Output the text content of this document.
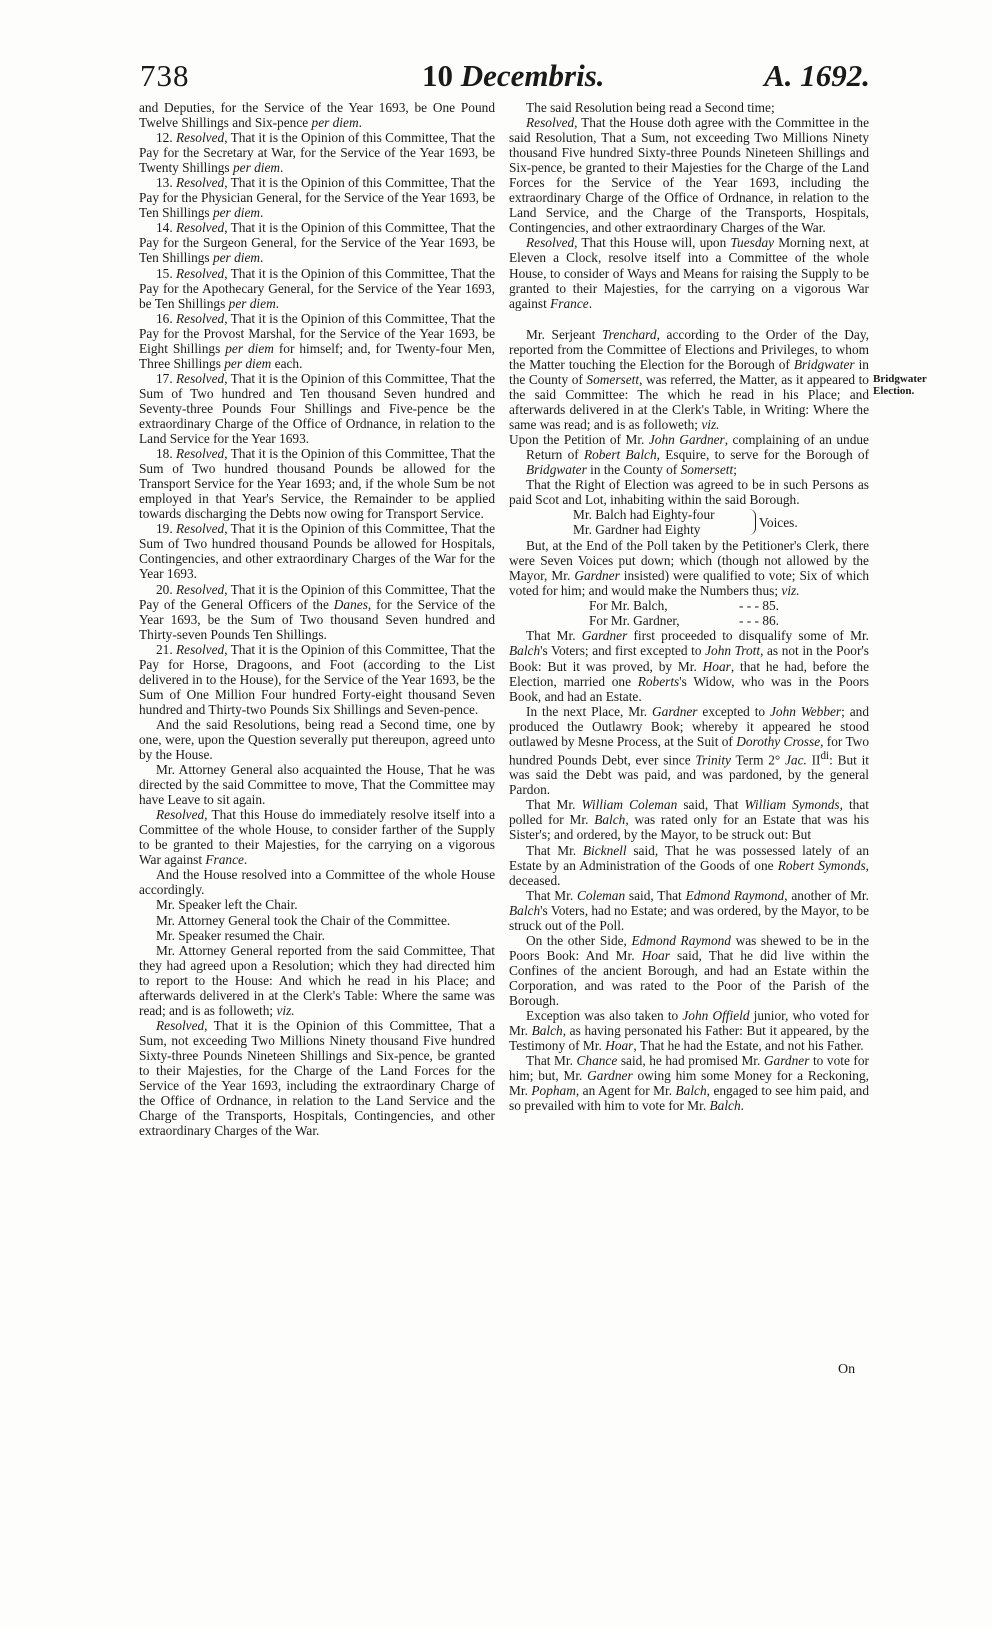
738	10 Decembris.	A. 1692.

and Deputies, for the Service of the Year 1693, be One Pound Twelve Shillings and Six-pence per diem.

12. Resolved, That it is the Opinion of this Committee, That the Pay for the Secretary at War, for the Service of the Year 1693, be Twenty Shillings per diem.

13. Resolved, That it is the Opinion of this Committee, That the Pay for the Physician General, for the Service of the Year 1693, be Ten Shillings per diem.

14. Resolved, That it is the Opinion of this Committee, That the Pay for the Surgeon General, for the Service of the Year 1693, be Ten Shillings per diem.

15. Resolved, That it is the Opinion of this Committee, That the Pay for the Apothecary General, for the Service of the Year 1693, be Ten Shillings per diem.

16. Resolved, That it is the Opinion of this Committee, That the Pay for the Provost Marshal, for the Service of the Year 1693, be Eight Shillings per diem for himself; and, for Twenty-four Men, Three Shillings per diem each.

17. Resolved, That it is the Opinion of this Committee, That the Sum of Two hundred and Ten thousand Seven hundred and Seventy-three Pounds Four Shillings and Five-pence be the extraordinary Charge of the Office of Ordnance, in relation to the Land Service for the Year 1693.

18. Resolved, That it is the Opinion of this Committee, That the Sum of Two hundred thousand Pounds be allowed for the Transport Service for the Year 1693; and, if the whole Sum be not employed in that Year's Service, the Remainder to be applied towards discharging the Debts now owing for Transport Service.

19. Resolved, That it is the Opinion of this Committee, That the Sum of Two hundred thousand Pounds be allowed for Hospitals, Contingencies, and other extraordinary Charges of the War for the Year 1693.

20. Resolved, That it is the Opinion of this Committee, That the Pay of the General Officers of the Danes, for the Service of the Year 1693, be the Sum of Two thousand Seven hundred and Thirty-seven Pounds Ten Shillings.

21. Resolved, That it is the Opinion of this Committee, That the Pay for Horse, Dragoons, and Foot (according to the List delivered in to the House), for the Service of the Year 1693, be the Sum of One Million Four hundred Forty-eight thousand Seven hundred and Thirty-two Pounds Six Shillings and Seven-pence.

And the said Resolutions, being read a Second time, one by one, were, upon the Question severally put thereupon, agreed unto by the House.

Mr. Attorney General also acquainted the House, That he was directed by the said Committee to move, That the Committee may have Leave to sit again.

Resolved, That this House do immediately resolve itself into a Committee of the whole House, to consider farther of the Supply to be granted to their Majesties, for the carrying on a vigorous War against France.

And the House resolved into a Committee of the whole House accordingly.

Mr. Speaker left the Chair.

Mr. Attorney General took the Chair of the Committee.

Mr. Speaker resumed the Chair.

Mr. Attorney General reported from the said Committee, That they had agreed upon a Resolution; which they had directed him to report to the House: And which he read in his Place; and afterwards delivered in at the Clerk's Table: Where the same was read; and is as followeth; viz.

Resolved, That it is the Opinion of this Committee, That a Sum, not exceeding Two Millions Ninety thousand Five hundred Sixty-three Pounds Nineteen Shillings and Six-pence, be granted to their Majesties, for the Charge of the Land Forces for the Service of the Year 1693, including the extraordinary Charge of the Office of Ordnance, in relation to the Land Service and the Charge of the Transports, Hospitals, Contingencies, and other extraordinary Charges of the War.

The said Resolution being read a Second time;

Resolved, That the House doth agree with the Committee in the said Resolution, That a Sum, not exceeding Two Millions Ninety thousand Five hundred Sixty-three Pounds Nineteen Shillings and Six-pence, be granted to their Majesties for the Charge of the Land Forces for the Service of the Year 1693, including the extraordinary Charge of the Office of Ordnance, in relation to the Land Service, and the Charge of the Transports, Hospitals, Contingencies, and other extraordinary Charges of the War.

Resolved, That this House will, upon Tuesday Morning next, at Eleven a Clock, resolve itself into a Committee of the whole House, to consider of Ways and Means for raising the Supply to be granted to their Majesties, for the carrying on a vigorous War against France.

Mr. Serjeant Trenchard, according to the Order of the Day, reported from the Committee of Elections and Privileges, to whom the Matter touching the Election for the Borough of Bridgwater in the County of Somersett, was referred, the Matter, as it appeared to the said Committee: The which he read in his Place; and afterwards delivered in at the Clerk's Table, in Writing: Where the same was read; and is as followeth; viz.

Upon the Petition of Mr. John Gardner, complaining of an undue Return of Robert Balch, Esquire, to serve for the Borough of Bridgwater in the County of Somersett;

That the Right of Election was agreed to be in such Persons as paid Scot and Lot, inhabiting within the said Borough.

Mr. Balch had Eighty-four
Mr. Gardner had Eighty	Voices.

But, at the End of the Poll taken by the Petitioner's Clerk, there were Seven Voices put down; which (though not allowed by the Mayor, Mr. Gardner insisted) were qualified to vote; Six of which voted for him; and would make the Numbers thus; viz.

For Mr. Balch,	- - - 85.
For Mr. Gardner,	- - - 86.

That Mr. Gardner first proceeded to disqualify some of Mr. Balch's Voters; and first excepted to John Trott, as not in the Poor's Book: But it was proved, by Mr. Hoar, that he had, before the Election, married one Roberts's Widow, who was in the Poors Book, and had an Estate.

In the next Place, Mr. Gardner excepted to John Webber; and produced the Outlawry Book; whereby it appeared he stood outlawed by Mesne Process, at the Suit of Dorothy Crosse, for Two hundred Pounds Debt, ever since Trinity Term 2° Jac. $II^{di}$: But it was said the Debt was paid, and was pardoned, by the general Pardon.

That Mr. William Coleman said, That William Symonds, that polled for Mr. Balch, was rated only for an Estate that was his Sister's; and ordered, by the Mayor, to be struck out: But

That Mr. Bicknell said, That he was possessed lately of an Estate by an Administration of the Goods of one Robert Symonds, deceased.

That Mr. Coleman said, That Edmond Raymond, another of Mr. Balch's Voters, had no Estate; and was ordered, by the Mayor, to be struck out of the Poll.

On the other Side, Edmond Raymond was shewed to be in the Poors Book: And Mr. Hoar said, That he did live within the Confines of the ancient Borough, and had an Estate within the Corporation, and was rated to the Poor of the Parish of the Borough.

Exception was also taken to John Offield junior, who voted for Mr. Balch, as having personated his Father: But it appeared, by the Testimony of Mr. Hoar, That he had the Estate, and not his Father.

That Mr. Chance said, he had promised Mr. Gardner to vote for him; but, Mr. Gardner owing him some Money for a Reckoning, Mr. Popham, an Agent for Mr. Balch, engaged to see him paid, and so prevailed with him to vote for Mr. Balch.

Bridgwater Election.
On
